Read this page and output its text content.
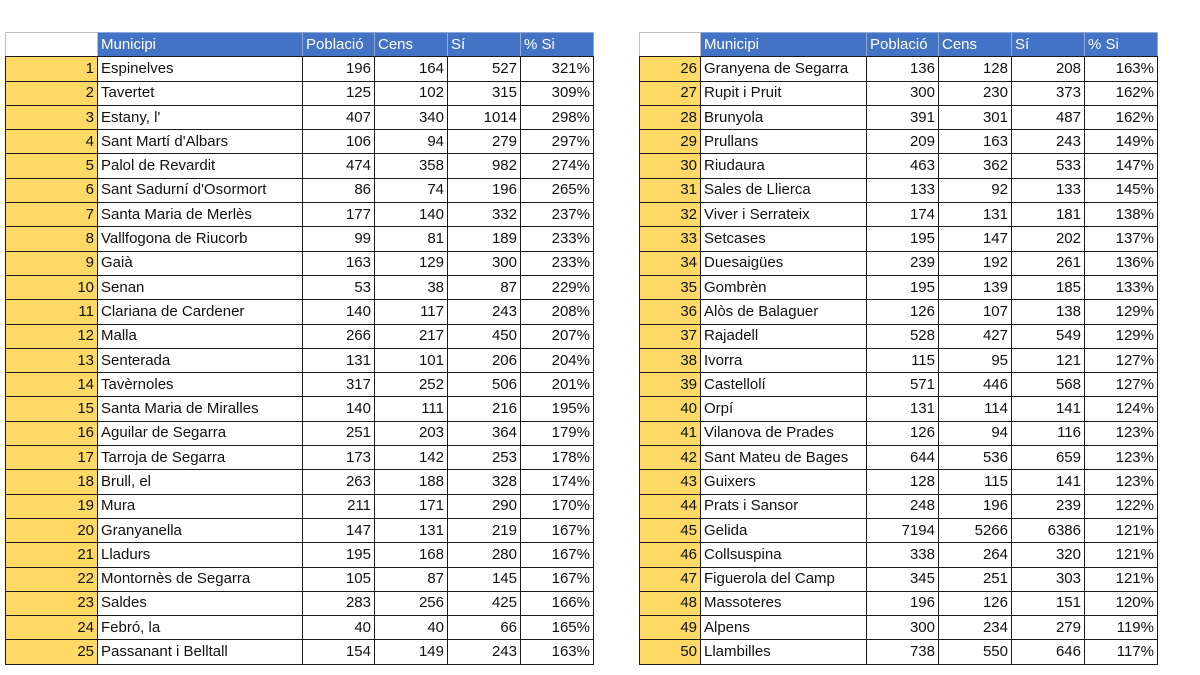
	Municipi	Població	Cens	Sí	% Si
1	Espinelves	196	164	527	321%
2	Tavertet	125	102	315	309%
3	Estany, l'	407	340	1014	298%
4	Sant Martí d'Albars	106	94	279	297%
5	Palol de Revardit	474	358	982	274%
6	Sant Sadurní d'Osormort	86	74	196	265%
7	Santa Maria de Merlès	177	140	332	237%
8	Vallfogona de Riucorb	99	81	189	233%
9	Gaià	163	129	300	233%
10	Senan	53	38	87	229%
11	Clariana de Cardener	140	117	243	208%
12	Malla	266	217	450	207%
13	Senterada	131	101	206	204%
14	Tavèrnoles	317	252	506	201%
15	Santa Maria de Miralles	140	111	216	195%
16	Aguilar de Segarra	251	203	364	179%
17	Tarroja de Segarra	173	142	253	178%
18	Brull, el	263	188	328	174%
19	Mura	211	171	290	170%
20	Granyanella	147	131	219	167%
21	Lladurs	195	168	280	167%
22	Montornès de Segarra	105	87	145	167%
23	Saldes	283	256	425	166%
24	Febró, la	40	40	66	165%
25	Passanant i Belltall	154	149	243	163%
	Municipi	Població	Cens	Sí	% Si
26	Granyena de Segarra	136	128	208	163%
27	Rupit i Pruit	300	230	373	162%
28	Brunyola	391	301	487	162%
29	Prullans	209	163	243	149%
30	Riudaura	463	362	533	147%
31	Sales de Llierca	133	92	133	145%
32	Viver i Serrateix	174	131	181	138%
33	Setcases	195	147	202	137%
34	Duesaigües	239	192	261	136%
35	Gombrèn	195	139	185	133%
36	Alòs de Balaguer	126	107	138	129%
37	Rajadell	528	427	549	129%
38	Ivorra	115	95	121	127%
39	Castellolí	571	446	568	127%
40	Orpí	131	114	141	124%
41	Vilanova de Prades	126	94	116	123%
42	Sant Mateu de Bages	644	536	659	123%
43	Guixers	128	115	141	123%
44	Prats i Sansor	248	196	239	122%
45	Gelida	7194	5266	6386	121%
46	Collsuspina	338	264	320	121%
47	Figuerola del Camp	345	251	303	121%
48	Massoteres	196	126	151	120%
49	Alpens	300	234	279	119%
50	Llambilles	738	550	646	117%
